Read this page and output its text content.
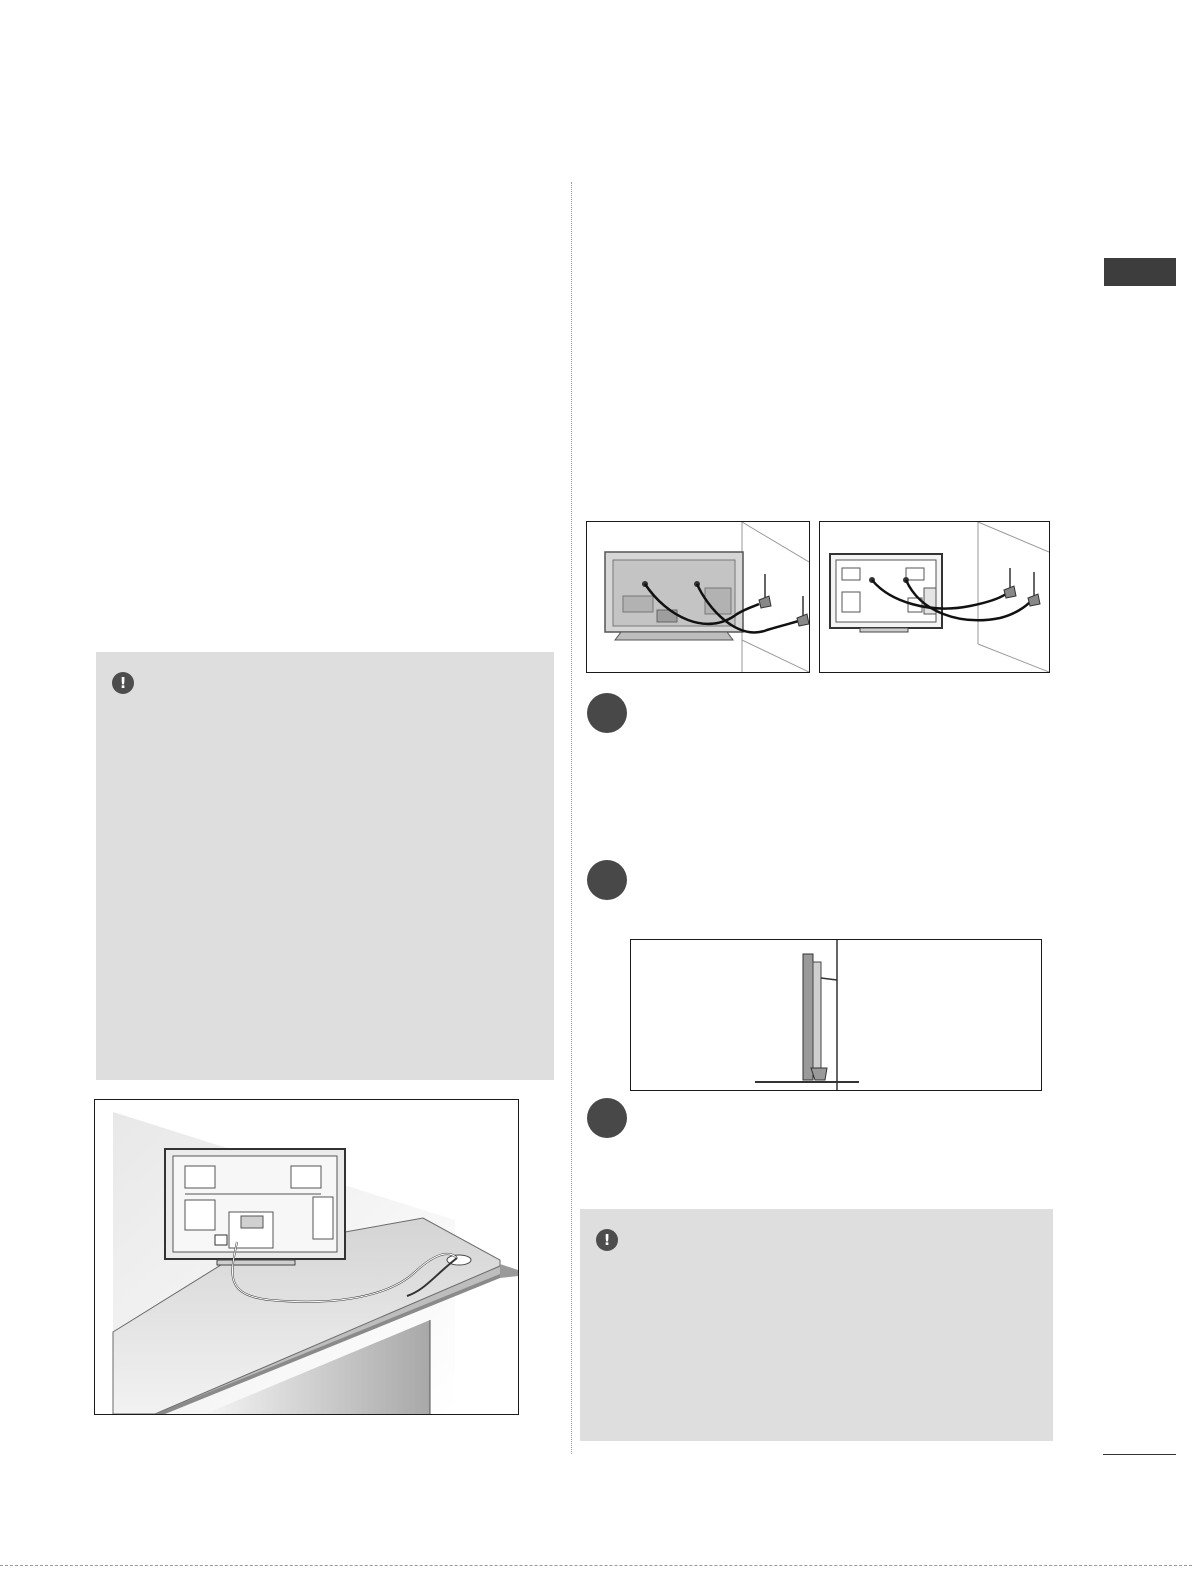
!
!
